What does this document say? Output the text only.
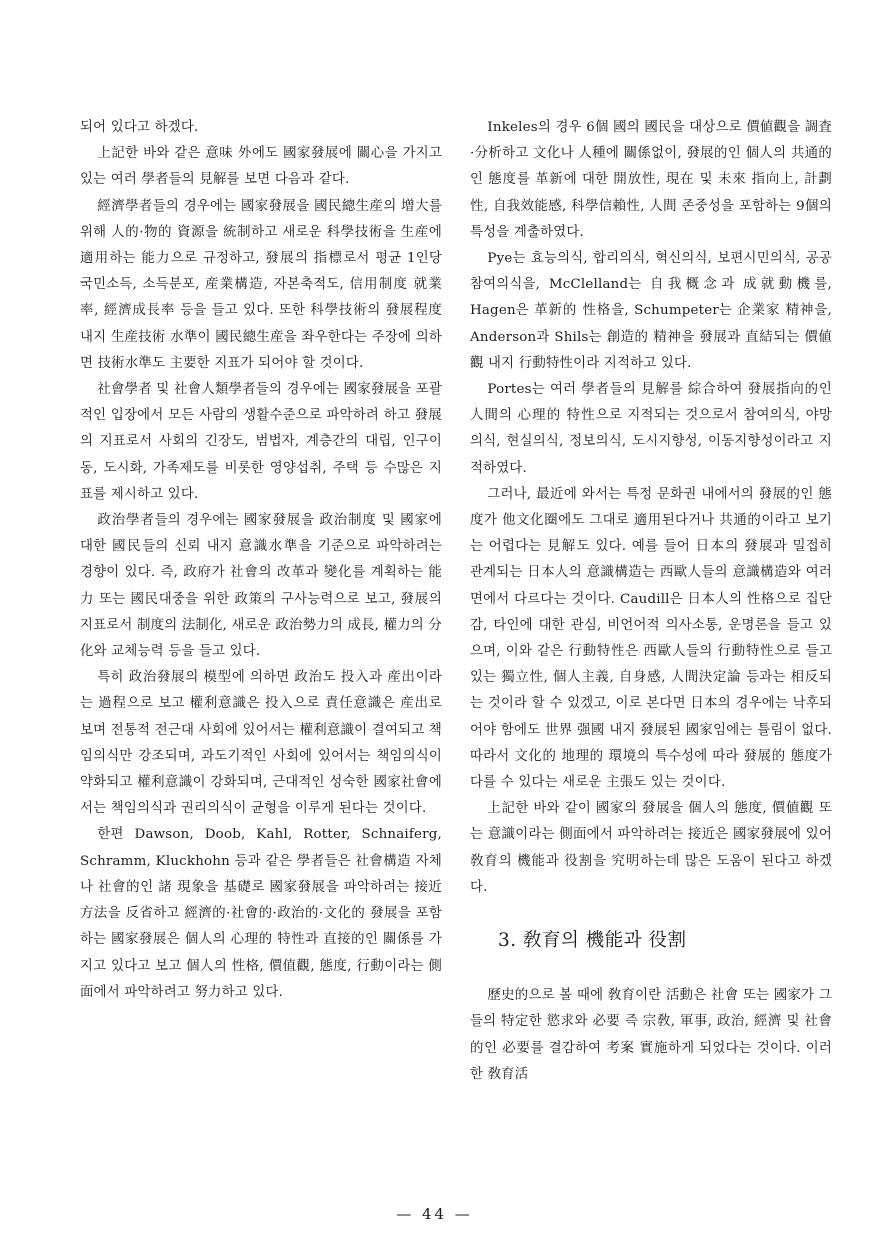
되어 있다고 하겠다.

上記한 바와 같은 意味 外에도 國家發展에 關心을 가지고 있는 여러 學者들의 見解를 보면 다음과 같다.

經濟學者들의 경우에는 國家發展을 國民總生産의 增大를 위해 人的·物的 資源을 統制하고 새로운 科學技術을 生産에 適用하는 能力으로 규정하고, 發展의 指標로서 평균 1인당 국민소득, 소득분포, 産業構造, 자본축적도, 信用制度 就業率, 經濟成長率 등을 들고 있다. 또한 科學技術의 發展程度 내지 生産技術 水準이 國民總生産을 좌우한다는 주장에 의하면 技術水準도 主要한 지표가 되어야 할 것이다.

社會學者 및 社會人類學者들의 경우에는 國家發展을 포괄적인 입장에서 모든 사람의 생활수준으로 파악하려 하고 發展의 지표로서 사회의 긴장도, 범법자, 계층간의 대립, 인구이동, 도시화, 가족제도를 비롯한 영양섭취, 주택 등 수많은 지표를 제시하고 있다.

政治學者들의 경우에는 國家發展을 政治制度 및 國家에 대한 國民들의 신뢰 내지 意識水準을 기준으로 파악하려는 경향이 있다. 즉, 政府가 社會의 改革과 變化를 계획하는 能力 또는 國民대중을 위한 政策의 구사능력으로 보고, 發展의 지표로서 制度의 法制化, 새로운 政治勢力의 成長, 權力의 分化와 교체능력 등을 들고 있다.

특히 政治發展의 模型에 의하면 政治도 投入과 産出이라는 過程으로 보고 權利意識은 投入으로 責任意識은 産出로 보며 전통적 전근대 사회에 있어서는 權利意識이 결여되고 책임의식만 강조되며, 과도기적인 사회에 있어서는 책임의식이 약화되고 權利意識이 강화되며, 근대적인 성숙한 國家社會에서는 책임의식과 권리의식이 균형을 이루게 된다는 것이다.

한편 Dawson, Doob, Kahl, Rotter, Schnaiferg, Schramm, Kluckhohn 등과 같은 學者들은 社會構造 자체나 社會的인 諸 現象을 基礎로 國家發展을 파악하려는 接近方法을 反省하고 經濟的·社會的·政治的·文化的 發展을 포함하는 國家發展은 個人의 心理的 特性과 直接的인 關係를 가지고 있다고 보고 個人의 性格, 價值觀, 態度, 行動이라는 側面에서 파악하려고 努力하고 있다.

Inkeles의 경우 6個 國의 國民을 대상으로 價値觀을 調査·分析하고 文化나 人種에 關係없이, 發展的인 個人의 共通的인 態度를 革新에 대한 開放性, 現在 및 未來 指向上, 計劃性, 自我效能感, 科學信賴性, 人間 존중성을 포함하는 9個의 특성을 계출하였다.

Pye는 효능의식, 합리의식, 혁신의식, 보편시민의식, 공공참여의식을, McClelland는 自我概念과 成就動機를, Hagen은 革新的 性格을, Schumpeter는 企業家 精神을, Anderson과 Shils는 創造的 精神을 發展과 直結되는 價値觀 내지 行動特性이라 지적하고 있다.

Portes는 여러 學者들의 見解를 綜合하여 發展指向的인 人間의 心理的 特性으로 지적되는 것으로서 참여의식, 야망의식, 현실의식, 정보의식, 도시지향성, 이동지향성이라고 지적하였다.

그러나, 最近에 와서는 특정 문화권 내에서의 發展的인 態度가 他文化圈에도 그대로 適用된다거나 共通的이라고 보기는 어렵다는 見解도 있다. 예를 들어 日本의 發展과 밀접히 관계되는 日本人의 意識構造는 西歐人들의 意識構造와 여러면에서 다르다는 것이다. Caudill은 日本人의 性格으로 집단감, 타인에 대한 관심, 비언어적 의사소통, 운명론을 들고 있으며, 이와 같은 行動特性은 西歐人들의 行動特性으로 들고 있는 獨立性, 個人主義, 自身感, 人間決定論 등과는 相反되는 것이라 할 수 있겠고, 이로 본다면 日本의 경우에는 낙후되어야 함에도 世界 强國 내지 發展된 國家임에는 틀림이 없다. 따라서 文化的 地理的 環境의 특수성에 따라 發展的 態度가 다를 수 있다는 새로운 主張도 있는 것이다.

上記한 바와 같이 國家의 發展을 個人의 態度, 價値觀 또는 意識이라는 側面에서 파악하려는 接近은 國家發展에 있어 敎育의 機能과 役割을 究明하는데 많은 도움이 된다고 하겠다.

3. 敎育의 機能과 役割

歷史的으로 볼 때에 敎育이란 活動은 社會 또는 國家가 그들의 特定한 慾求와 必要 즉 宗敎, 軍事, 政治, 經濟 및 社會的인 必要를 결감하여 考案 實施하게 되었다는 것이다. 이러한 敎育活

— 44 —
